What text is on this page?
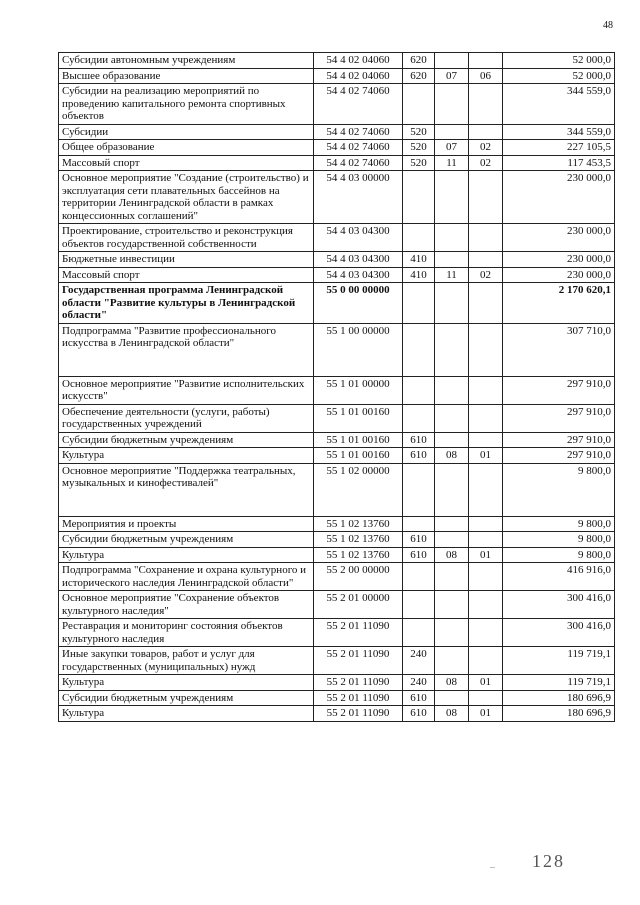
48
Субсидии автономным учреждениям	54 4 02 04060	620			52 000,0
Высшее образование	54 4 02 04060	620	07	06	52 000,0
Субсидии на реализацию мероприятий по проведению капитального ремонта спортивных объектов	54 4 02 74060				344 559,0
Субсидии	54 4 02 74060	520			344 559,0
Общее образование	54 4 02 74060	520	07	02	227 105,5
Массовый спорт	54 4 02 74060	520	11	02	117 453,5
Основное мероприятие "Создание (строительство) и эксплуатация сети плавательных бассейнов на территории Ленинградской области в рамках концессионных соглашений"	54 4 03 00000				230 000,0
Проектирование, строительство и реконструкция объектов государственной собственности	54 4 03 04300				230 000,0
Бюджетные инвестиции	54 4 03 04300	410			230 000,0
Массовый спорт	54 4 03 04300	410	11	02	230 000,0
Государственная программа Ленинградской области "Развитие культуры в Ленинградской области"	55 0 00 00000				2 170 620,1
Подпрограмма "Развитие профессионального искусства в Ленинградской области"	55 1 00 00000				307 710,0
Основное мероприятие "Развитие исполнительских искусств"	55 1 01 00000				297 910,0
Обеспечение деятельности (услуги, работы) государственных учреждений	55 1 01 00160				297 910,0
Субсидии бюджетным учреждениям	55 1 01 00160	610			297 910,0
Культура	55 1 01 00160	610	08	01	297 910,0
Основное мероприятие "Поддержка театральных, музыкальных и кинофестивалей"	55 1 02 00000				9 800,0
Мероприятия и проекты	55 1 02 13760				9 800,0
Субсидии бюджетным учреждениям	55 1 02 13760	610			9 800,0
Культура	55 1 02 13760	610	08	01	9 800,0
Подпрограмма "Сохранение и охрана культурного и исторического наследия Ленинградской области"	55 2 00 00000				416 916,0
Основное мероприятие "Сохранение объектов культурного наследия"	55 2 01 00000				300 416,0
Реставрация и мониторинг состояния объектов культурного наследия	55 2 01 11090				300 416,0
Иные закупки товаров, работ и услуг для государственных (муниципальных) нужд	55 2 01 11090	240			119 719,1
Культура	55 2 01 11090	240	08	01	119 719,1
Субсидии бюджетным учреждениям	55 2 01 11090	610			180 696,9
Культура	55 2 01 11090	610	08	01	180 696,9
– 128
